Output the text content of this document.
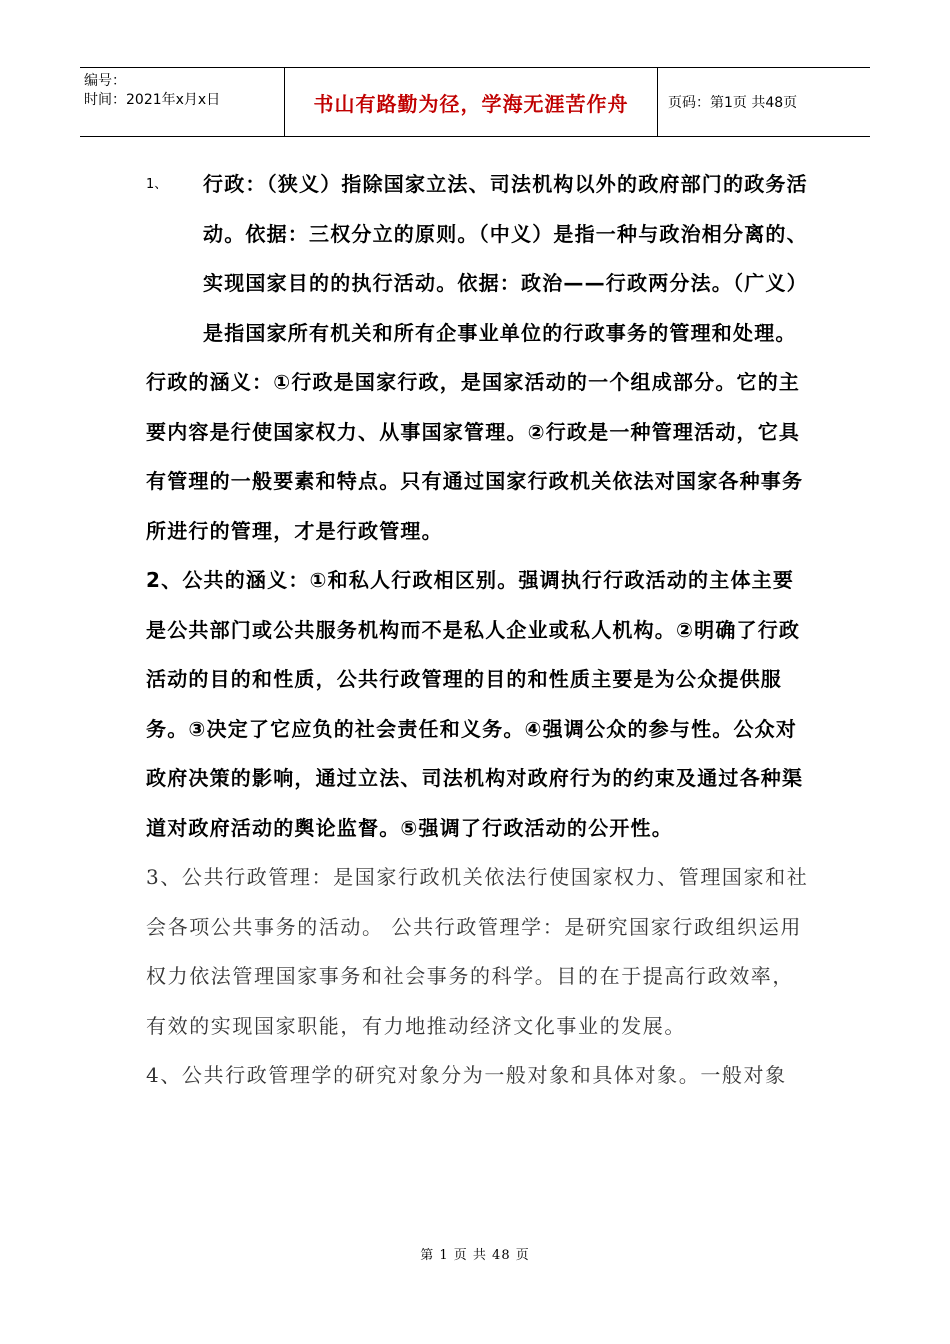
编号：
时间：2021年x月x日	书山有路勤为径，学海无涯苦作舟	页码：第1页 共48页
1、	行政：（狭义）指除国家立法、司法机构以外的政府部门的政务活动。依据：三权分立的原则。（中义）是指一种与政治相分离的、实现国家目的的执行活动。依据：政治——行政两分法。（广义）是指国家所有机关和所有企事业单位的行政事务的管理和处理。

行政的涵义：①行政是国家行政，是国家活动的一个组成部分。它的主要内容是行使国家权力、从事国家管理。②行政是一种管理活动，它具有管理的一般要素和特点。只有通过国家行政机关依法对国家各种事务所进行的管理，才是行政管理。

2、公共的涵义：①和私人行政相区别。强调执行行政活动的主体主要是公共部门或公共服务机构而不是私人企业或私人机构。②明确了行政活动的目的和性质，公共行政管理的目的和性质主要是为公众提供服务。③决定了它应负的社会责任和义务。④强调公众的参与性。公众对政府决策的影响，通过立法、司法机构对政府行为的约束及通过各种渠道对政府活动的舆论监督。⑤强调了行政活动的公开性。

3、公共行政管理：是国家行政机关依法行使国家权力、管理国家和社会各项公共事务的活动。 公共行政管理学：是研究国家行政组织运用权力依法管理国家事务和社会事务的科学。目的在于提高行政效率，有效的实现国家职能，有力地推动经济文化事业的发展。

4、公共行政管理学的研究对象分为一般对象和具体对象。一般对象

第 1 页 共 48 页
